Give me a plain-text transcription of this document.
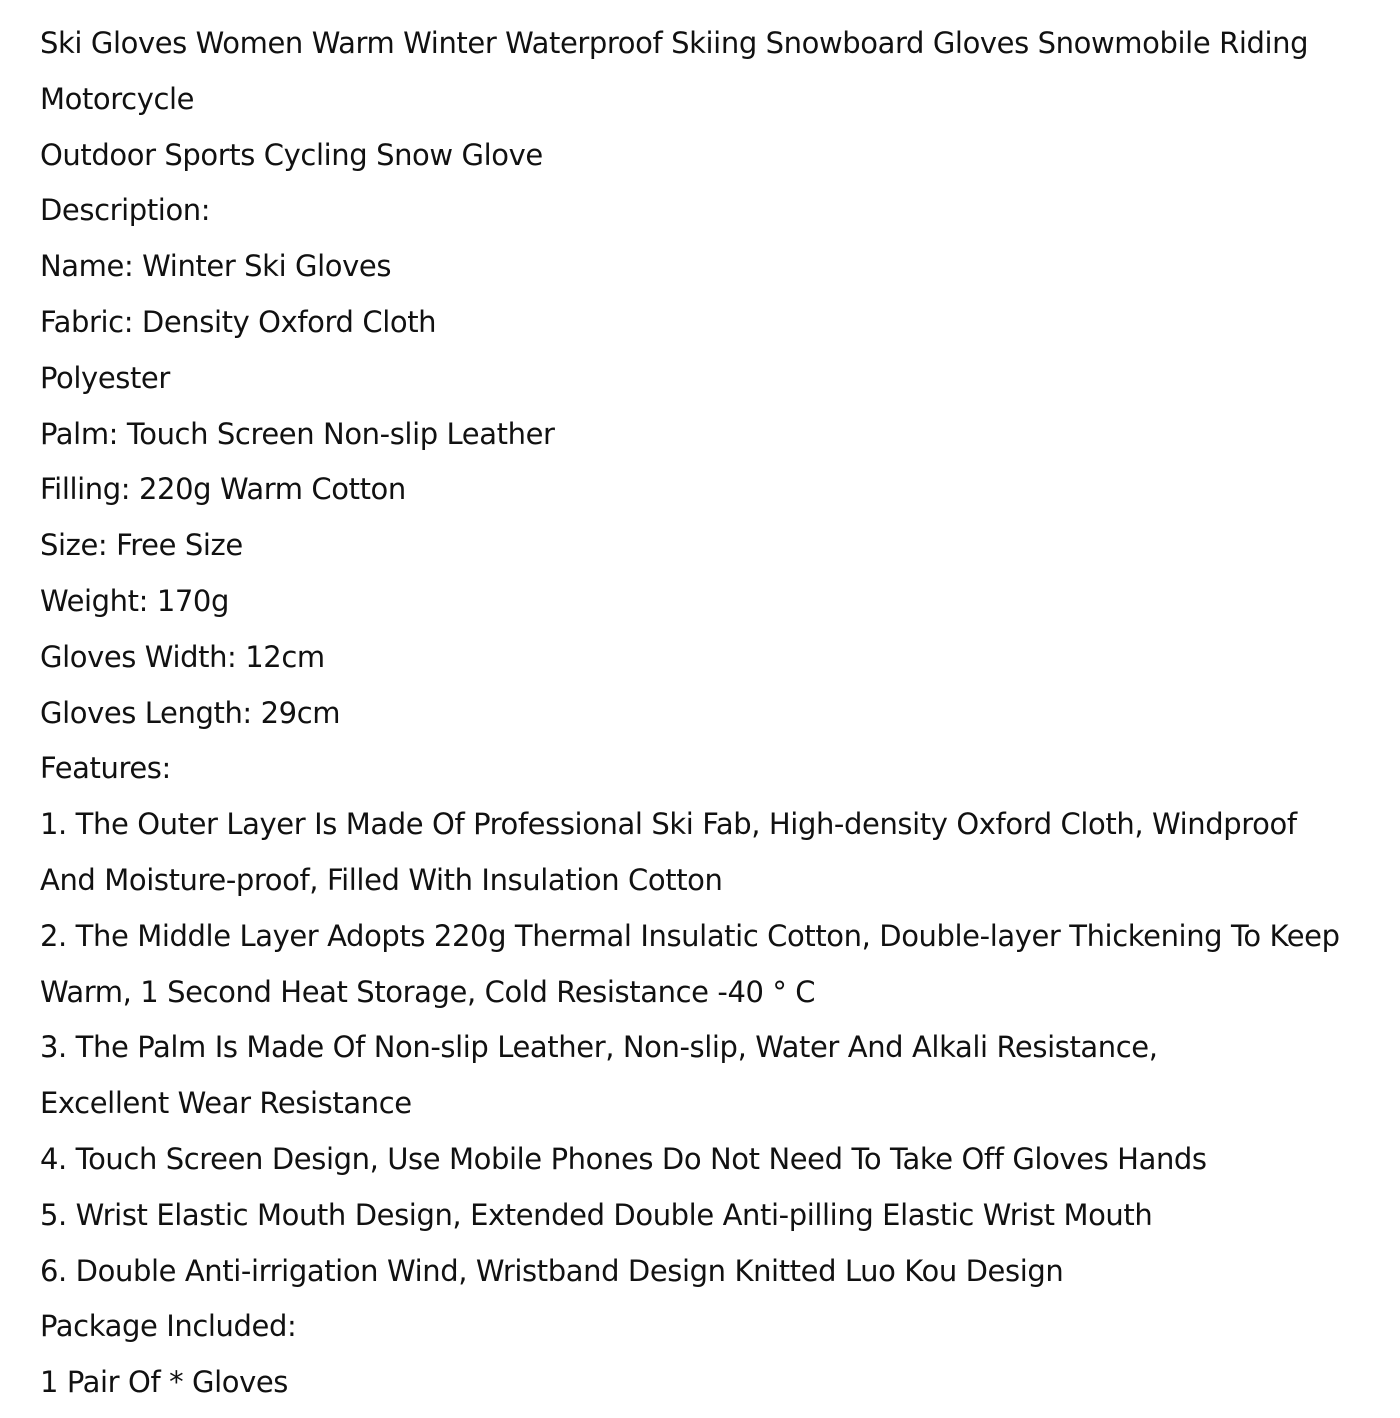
Ski Gloves Women Warm Winter Waterproof Skiing Snowboard Gloves Snowmobile Riding
Motorcycle
Outdoor Sports Cycling Snow Glove
Description:
Name: Winter Ski Gloves
Fabric: Density Oxford Cloth
Polyester
Palm: Touch Screen Non-slip Leather
Filling: 220g Warm Cotton
Size: Free Size
Weight: 170g
Gloves Width: 12cm
Gloves Length: 29cm
Features:
1. The Outer Layer Is Made Of Professional Ski Fab, High-density Oxford Cloth, Windproof
And Moisture-proof, Filled With Insulation Cotton
2. The Middle Layer Adopts 220g Thermal Insulatic Cotton, Double-layer Thickening To Keep
Warm, 1 Second Heat Storage, Cold Resistance -40 ° C
3. The Palm Is Made Of Non-slip Leather, Non-slip, Water And Alkali Resistance,
Excellent Wear Resistance
4. Touch Screen Design, Use Mobile Phones Do Not Need To Take Off Gloves Hands
5. Wrist Elastic Mouth Design, Extended Double Anti-pilling Elastic Wrist Mouth
6. Double Anti-irrigation Wind, Wristband Design Knitted Luo Kou Design
Package Included:
1 Pair Of * Gloves
